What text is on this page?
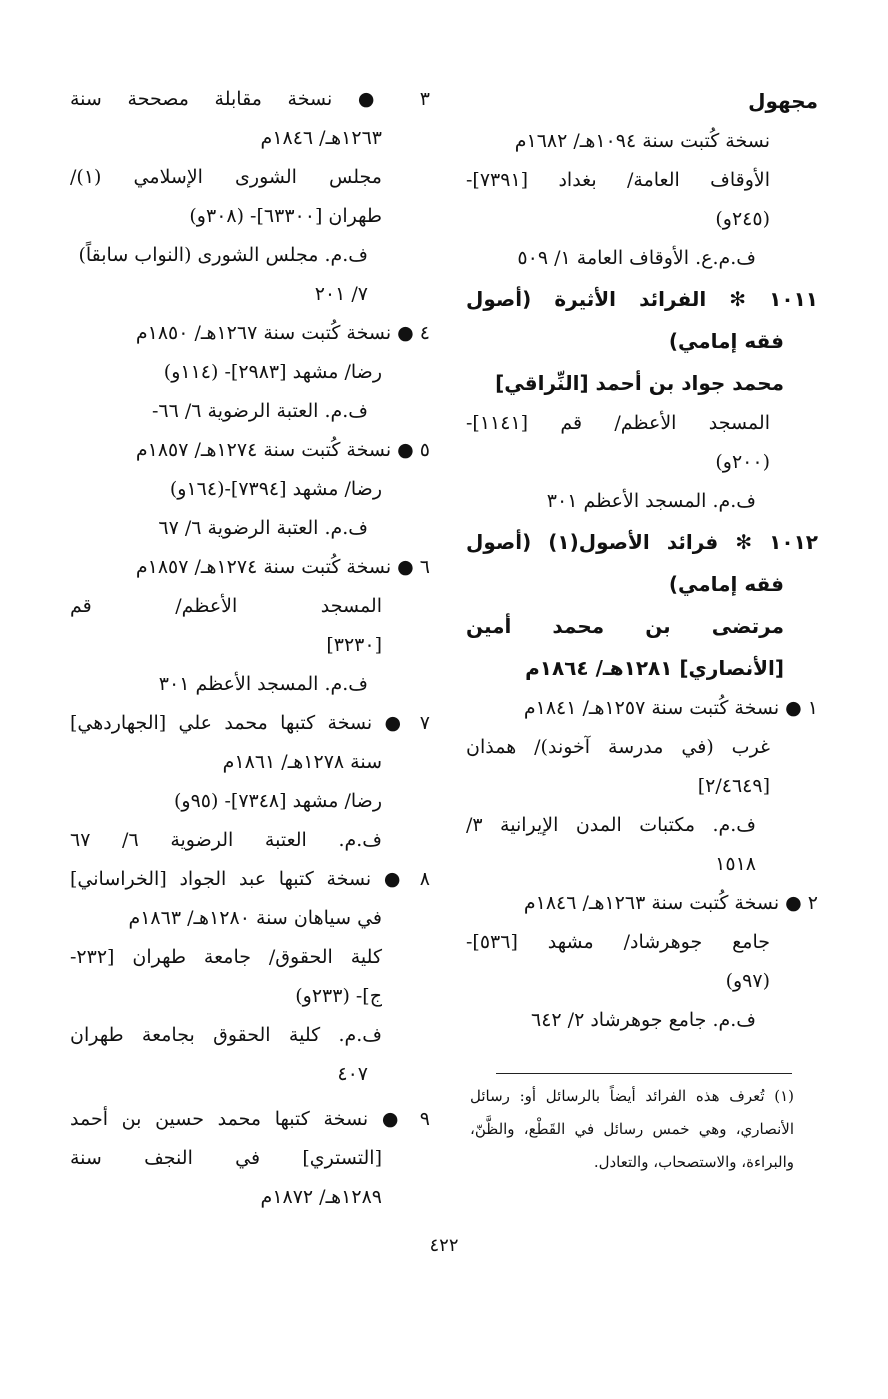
مجهول
نسخة كُتبت سنة ١٠٩٤هـ/ ١٦٨٢م
الأوقاف العامة/ بغداد [٧٣٩١]-
(٢٤٥و)
ف.م.ع. الأوقاف العامة ١/ ٥٠٩
١٠١١ ✻ الفرائد الأثيرة (أصول
فقه إمامي)
محمد جواد بن أحمد [النِّراقي]
المسجد الأعظم/ قم [١١٤١]-
(٢٠٠و)
ف.م. المسجد الأعظم ٣٠١
١٠١٢ ✻ فرائد الأصول(١) (أصول
فقه إمامي)
مرتضى بن محمد أمين
[الأنصاري] ١٢٨١هـ/ ١٨٦٤م
١ ● نسخة كُتبت سنة ١٢٥٧هـ/ ١٨٤١م
غرب (في مدرسة آخوند)/ همذان
[٢/٤٦٤٩]
ف.م. مكتبات المدن الإيرانية ٣/
١٥١٨
٢ ● نسخة كُتبت سنة ١٢٦٣هـ/ ١٨٤٦م
جامع جوهرشاد/ مشهد [٥٣٦]-
(٩٧و)
ف.م. جامع جوهرشاد ٢/ ٦٤٢
٣ ● نسخة مقابلة مصححة سنة
١٢٦٣هـ/ ١٨٤٦م
مجلس الشورى الإسلامي (١)/
طهران [٦٣٣٠٠]- (٣٠٨و)
ف.م. مجلس الشورى (النواب سابقاً)
٧/ ٢٠١
٤ ● نسخة كُتبت سنة ١٢٦٧هـ/ ١٨٥٠م
رضا/ مشهد [٢٩٨٣]- (١١٤و)
ف.م. العتبة الرضوية ٦/ ٦٦-
٥ ● نسخة كُتبت سنة ١٢٧٤هـ/ ١٨٥٧م
رضا/ مشهد [٧٣٩٤]-(١٦٤و)
ف.م. العتبة الرضوية ٦/ ٦٧
٦ ● نسخة كُتبت سنة ١٢٧٤هـ/ ١٨٥٧م
المسجد الأعظم/ قم
[٣٢٣٠]
ف.م. المسجد الأعظم ٣٠١
٧ ● نسخة كتبها محمد علي [الجهاردهي]
سنة ١٢٧٨هـ/ ١٨٦١م
رضا/ مشهد [٧٣٤٨]- (٩٥و)
ف.م. العتبة الرضوية ٦/ ٦٧
٨ ● نسخة كتبها عبد الجواد [الخراساني]
في سياهان سنة ١٢٨٠هـ/ ١٨٦٣م
كلية الحقوق/ جامعة طهران [٢٣٢-
ج]- (٢٣٣و)
ف.م. كلية الحقوق بجامعة طهران
٤٠٧
٩ ● نسخة كتبها محمد حسين بن أحمد
[التستري] في النجف سنة
١٢٨٩هـ/ ١٨٧٢م
(١) تُعرف هذه الفرائد أيضاً بالرسائل أو: رسائل الأنصاري، وهي خمس رسائل في القَطْع، والظَّنّ، والبراءة، والاستصحاب، والتعادل.
٤٢٢
